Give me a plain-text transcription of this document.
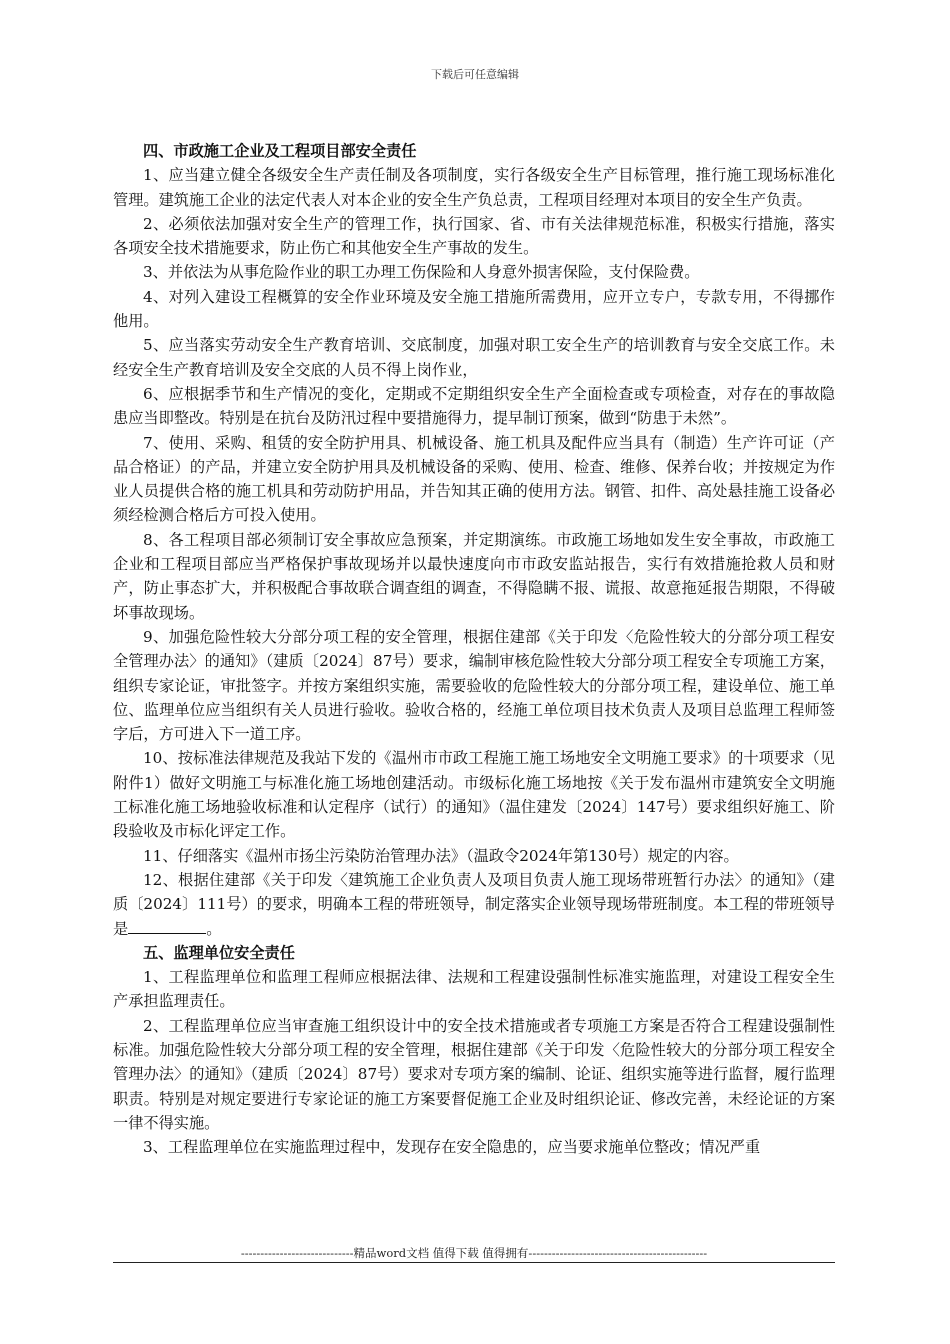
下载后可任意编辑

四、市政施工企业及工程项目部安全责任

1、应当建立健全各级安全生产责任制及各项制度，实行各级安全生产目标管理，推行施工现场标准化管理。建筑施工企业的法定代表人对本企业的安全生产负总责，工程项目经理对本项目的安全生产负责。

2、必须依法加强对安全生产的管理工作，执行国家、省、市有关法律规范标准，积极实行措施，落实各项安全技术措施要求，防止伤亡和其他安全生产事故的发生。

3、并依法为从事危险作业的职工办理工伤保险和人身意外损害保险，支付保险费。

4、对列入建设工程概算的安全作业环境及安全施工措施所需费用，应开立专户，专款专用，不得挪作他用。

5、应当落实劳动安全生产教育培训、交底制度，加强对职工安全生产的培训教育与安全交底工作。未经安全生产教育培训及安全交底的人员不得上岗作业，

6、应根据季节和生产情况的变化，定期或不定期组织安全生产全面检查或专项检查，对存在的事故隐患应当即整改。特别是在抗台及防汛过程中要措施得力，提早制订预案，做到“防患于未然”。

7、使用、采购、租赁的安全防护用具、机械设备、施工机具及配件应当具有（制造）生产许可证（产品合格证）的产品，并建立安全防护用具及机械设备的采购、使用、检查、维修、保养台收；并按规定为作业人员提供合格的施工机具和劳动防护用品，并告知其正确的使用方法。钢管、扣件、高处悬挂施工设备必须经检测合格后方可投入使用。

8、各工程项目部必须制订安全事故应急预案，并定期演练。市政施工场地如发生安全事故，市政施工企业和工程项目部应当严格保护事故现场并以最快速度向市市政安监站报告，实行有效措施抢救人员和财产，防止事态扩大，并积极配合事故联合调查组的调查，不得隐瞒不报、谎报、故意拖延报告期限，不得破坏事故现场。

9、加强危险性较大分部分项工程的安全管理，根据住建部《关于印发〈危险性较大的分部分项工程安全管理办法〉的通知》（建质〔2024〕87号）要求，编制审核危险性较大分部分项工程安全专项施工方案，组织专家论证，审批签字。并按方案组织实施，需要验收的危险性较大的分部分项工程，建设单位、施工单位、监理单位应当组织有关人员进行验收。验收合格的，经施工单位项目技术负责人及项目总监理工程师签字后，方可进入下一道工序。

10、按标准法律规范及我站下发的《温州市市政工程施工施工场地安全文明施工要求》的十项要求（见附件1）做好文明施工与标准化施工场地创建活动。市级标化施工场地按《关于发布温州市建筑安全文明施工标准化施工场地验收标准和认定程序（试行）的通知》（温住建发〔2024〕147号）要求组织好施工、阶段验收及市标化评定工作。

11、仔细落实《温州市扬尘污染防治管理办法》（温政令2024年第130号）规定的内容。

12、根据住建部《关于印发〈建筑施工企业负责人及项目负责人施工现场带班暂行办法〉的通知》（建质〔2024〕111号）的要求，明确本工程的带班领导，制定落实企业领导现场带班制度。本工程的带班领导是	。

五、监理单位安全责任

1、工程监理单位和监理工程师应根据法律、法规和工程建设强制性标准实施监理，对建设工程安全生产承担监理责任。

2、工程监理单位应当审查施工组织设计中的安全技术措施或者专项施工方案是否符合工程建设强制性标准。加强危险性较大分部分项工程的安全管理，根据住建部《关于印发〈危险性较大的分部分项工程安全管理办法〉的通知》（建质〔2024〕87号）要求对专项方案的编制、论证、组织实施等进行监督，履行监理职责。特别是对规定要进行专家论证的施工方案要督促施工企业及时组织论证、修改完善，未经论证的方案一律不得实施。

3、工程监理单位在实施监理过程中，发现存在安全隐患的，应当要求施单位整改；情况严重

-----------------------------精品word文档 值得下载 值得拥有----------------------------------------------
